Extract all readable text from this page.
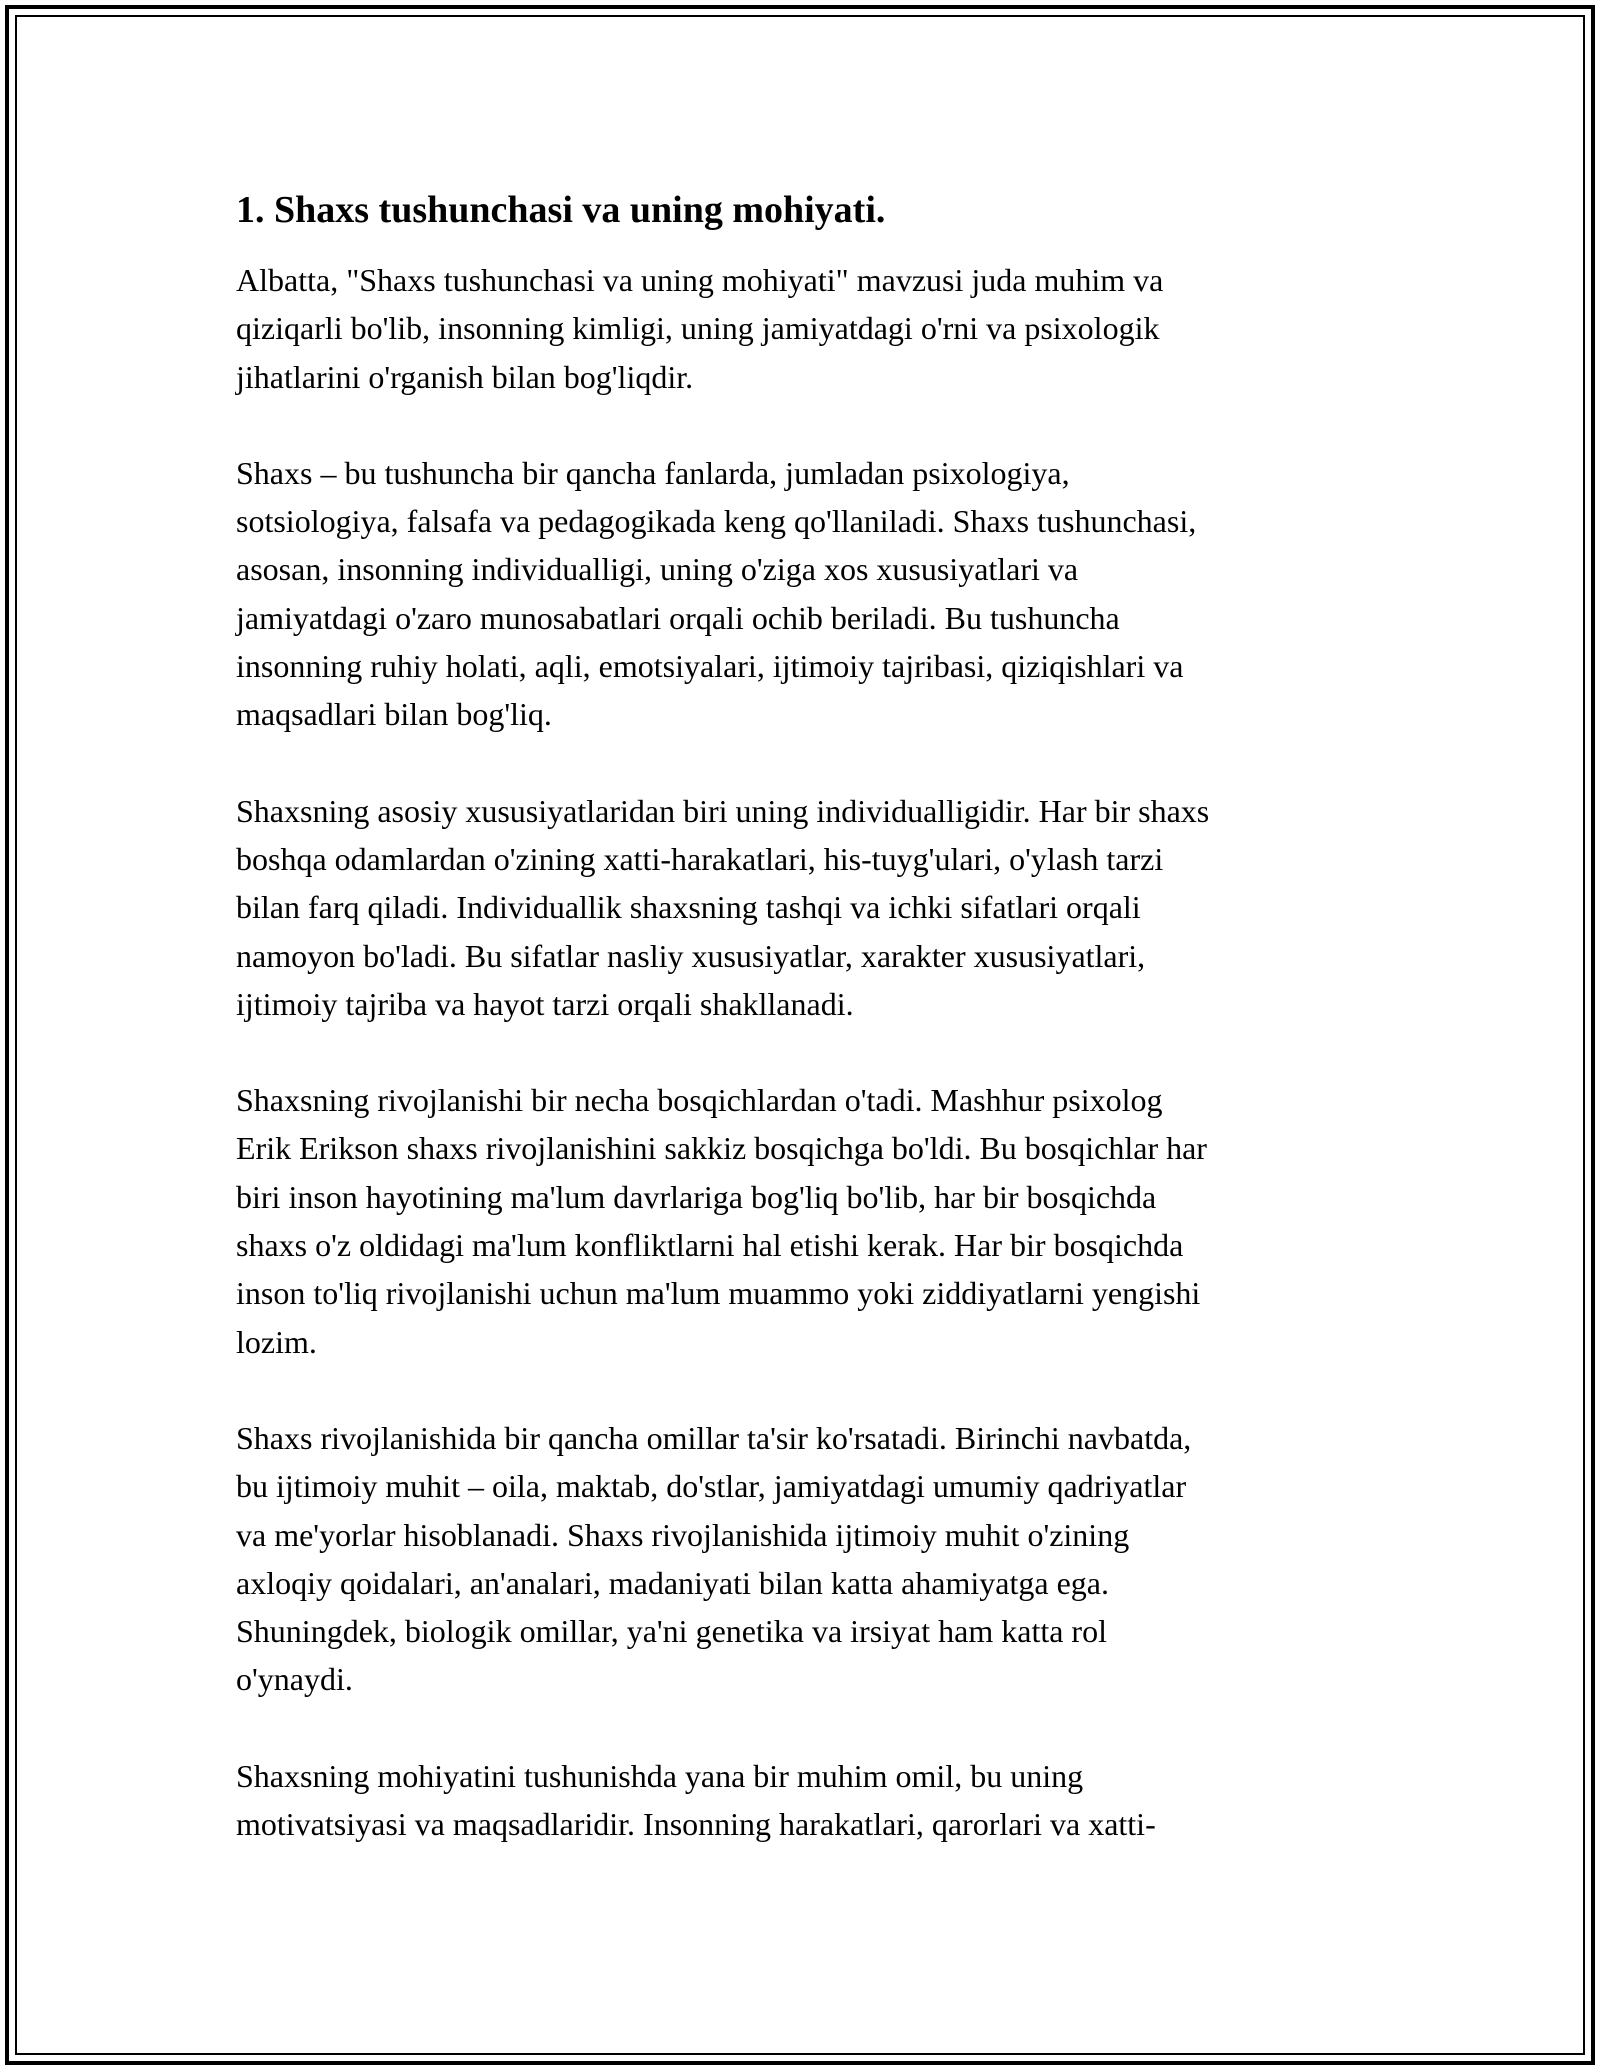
1. Shaxs tushunchasi va uning mohiyati.

Albatta, "Shaxs tushunchasi va uning mohiyati" mavzusi juda muhim va
qiziqarli bo'lib, insonning kimligi, uning jamiyatdagi o'rni va psixologik
jihatlarini o'rganish bilan bog'liqdir.

Shaxs – bu tushuncha bir qancha fanlarda, jumladan psixologiya,
sotsiologiya, falsafa va pedagogikada keng qo'llaniladi. Shaxs tushunchasi,
asosan, insonning individualligi, uning o'ziga xos xususiyatlari va
jamiyatdagi o'zaro munosabatlari orqali ochib beriladi. Bu tushuncha
insonning ruhiy holati, aqli, emotsiyalari, ijtimoiy tajribasi, qiziqishlari va
maqsadlari bilan bog'liq.

Shaxsning asosiy xususiyatlaridan biri uning individualligidir. Har bir shaxs
boshqa odamlardan o'zining xatti-harakatlari, his-tuyg'ulari, o'ylash tarzi
bilan farq qiladi. Individuallik shaxsning tashqi va ichki sifatlari orqali
namoyon bo'ladi. Bu sifatlar nasliy xususiyatlar, xarakter xususiyatlari,
ijtimoiy tajriba va hayot tarzi orqali shakllanadi.

Shaxsning rivojlanishi bir necha bosqichlardan o'tadi. Mashhur psixolog
Erik Erikson shaxs rivojlanishini sakkiz bosqichga bo'ldi. Bu bosqichlar har
biri inson hayotining ma'lum davrlariga bog'liq bo'lib, har bir bosqichda
shaxs o'z oldidagi ma'lum konfliktlarni hal etishi kerak. Har bir bosqichda
inson to'liq rivojlanishi uchun ma'lum muammo yoki ziddiyatlarni yengishi
lozim.

Shaxs rivojlanishida bir qancha omillar ta'sir ko'rsatadi. Birinchi navbatda,
bu ijtimoiy muhit – oila, maktab, do'stlar, jamiyatdagi umumiy qadriyatlar
va me'yorlar hisoblanadi. Shaxs rivojlanishida ijtimoiy muhit o'zining
axloqiy qoidalari, an'analari, madaniyati bilan katta ahamiyatga ega.
Shuningdek, biologik omillar, ya'ni genetika va irsiyat ham katta rol
o'ynaydi.

Shaxsning mohiyatini tushunishda yana bir muhim omil, bu uning
motivatsiyasi va maqsadlaridir. Insonning harakatlari, qarorlari va xatti-
